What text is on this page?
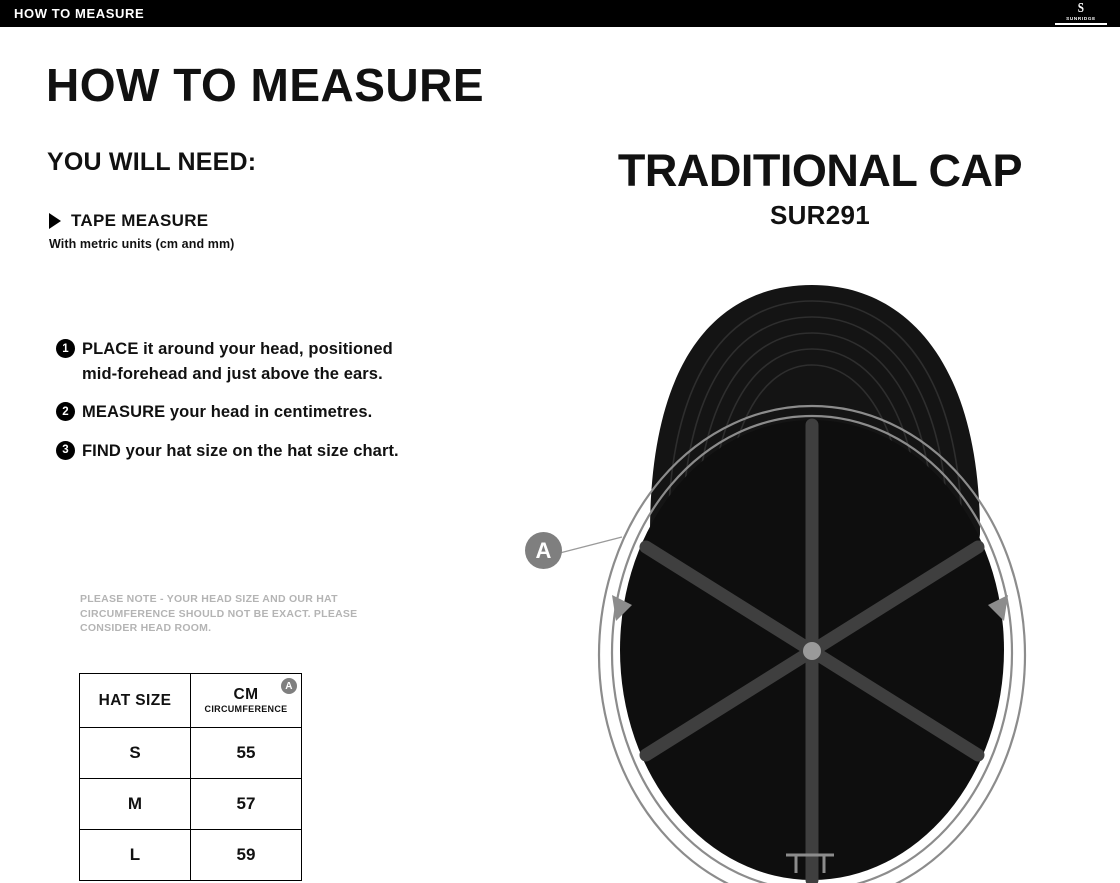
HOW TO MEASURE	S
SUNRIDGE
HOW TO MEASURE
YOU WILL NEED:
TAPE MEASURE
With metric units (cm and mm)
1 PLACE it around your head, positioned mid-forehead and just above the ears.
2 MEASURE your head in centimetres.
3 FIND your hat size on the hat size chart.
PLEASE NOTE - YOUR HEAD SIZE AND OUR HAT CIRCUMFERENCE SHOULD NOT BE EXACT. PLEASE CONSIDER HEAD ROOM.
HAT SIZE	CM
CIRCUMFERENCE
A

S	55
M	57
L	59
TRADITIONAL CAP
SUR291
A
